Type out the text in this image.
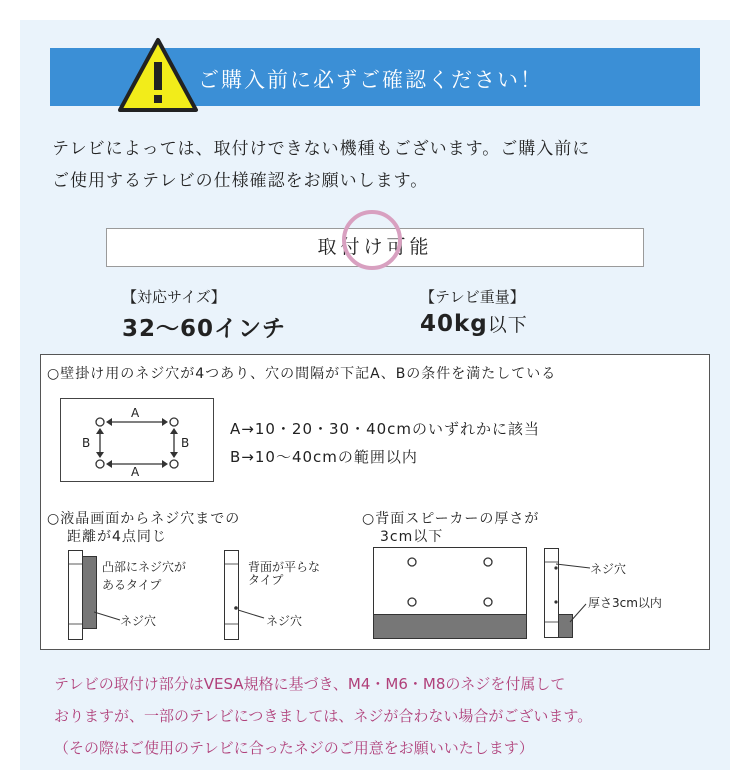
ご購入前に必ずご確認ください！
テレビによっては、取付けできない機種もございます。ご購入前に
ご使用するテレビの仕様確認をお願いします。
取付け可能
【対応サイズ】
32〜60インチ
【テレビ重量】
40kg以下
○壁掛け用のネジ穴が4つあり、穴の間隔が下記A、Bの条件を満たしている
A
A
B	B
A→10・20・30・40cmのいずれかに該当
B→10〜40cmの範囲以内
○液晶画面からネジ穴までの
距離が4点同じ
凸部にネジ穴が
あるタイプ
ネジ穴
背面が平らな
タイプ
ネジ穴
○背面スピーカーの厚さが
3cm以下
ネジ穴
厚さ3cm以内
テレビの取付け部分はVESA規格に基づき、M4・M6・M8のネジを付属して
おりますが、一部のテレビにつきましては、ネジが合わない場合がございます。
（その際はご使用のテレビに合ったネジのご用意をお願いいたします）
